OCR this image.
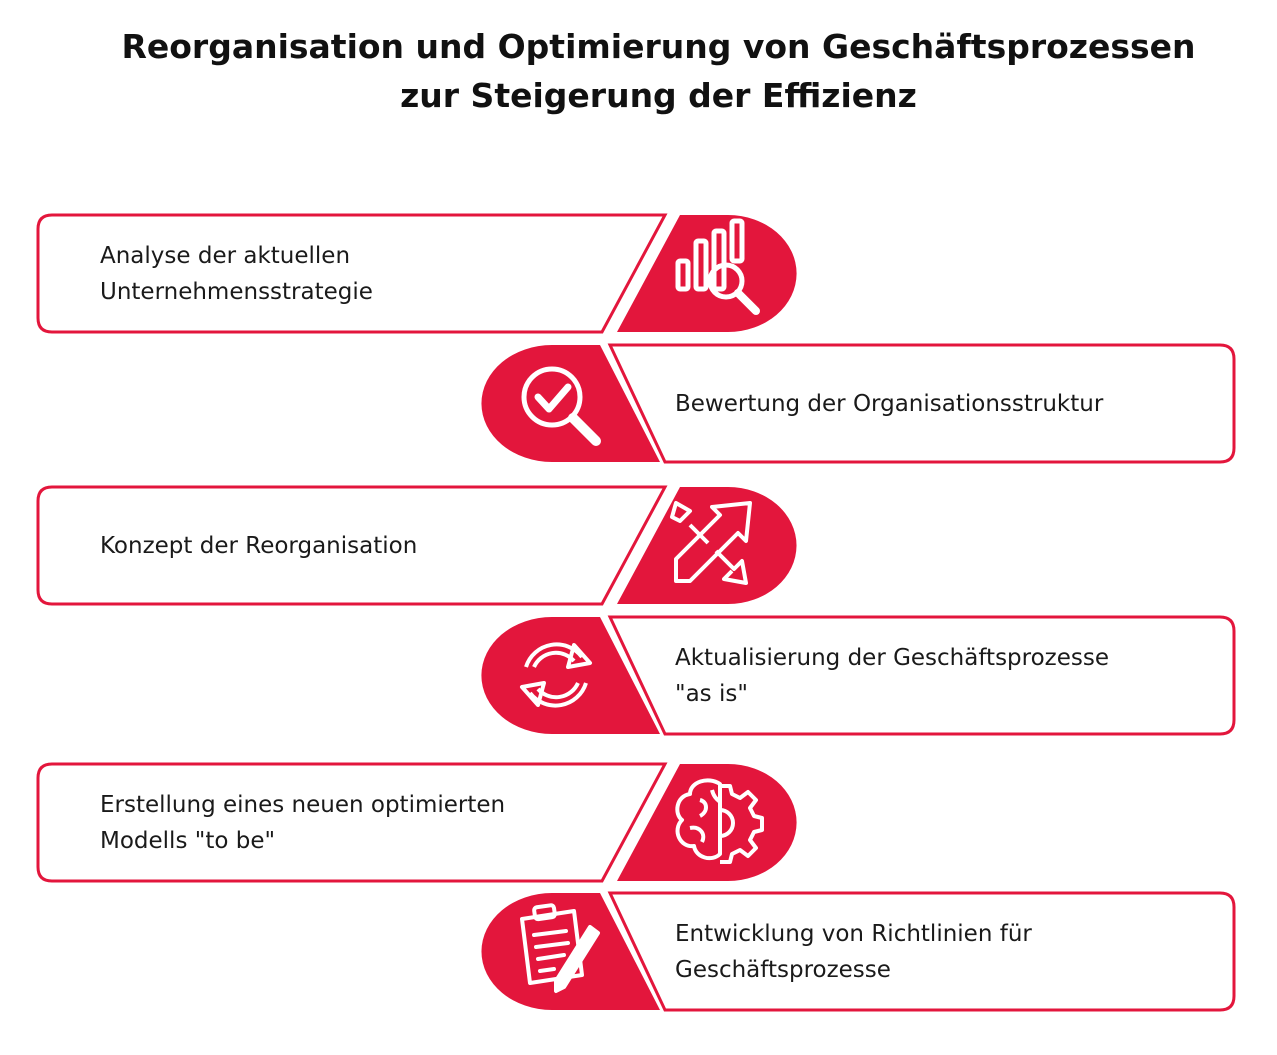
Reorganisation und Optimierung von Geschäftsprozessen
zur Steigerung der Effizienz
Analyse der aktuellen
Unternehmensstrategie
Bewertung der Organisationsstruktur
Konzept der Reorganisation
Aktualisierung der Geschäftsprozesse
"as is"
Erstellung eines neuen optimierten
Modells "to be"
Entwicklung von Richtlinien für
Geschäftsprozesse
